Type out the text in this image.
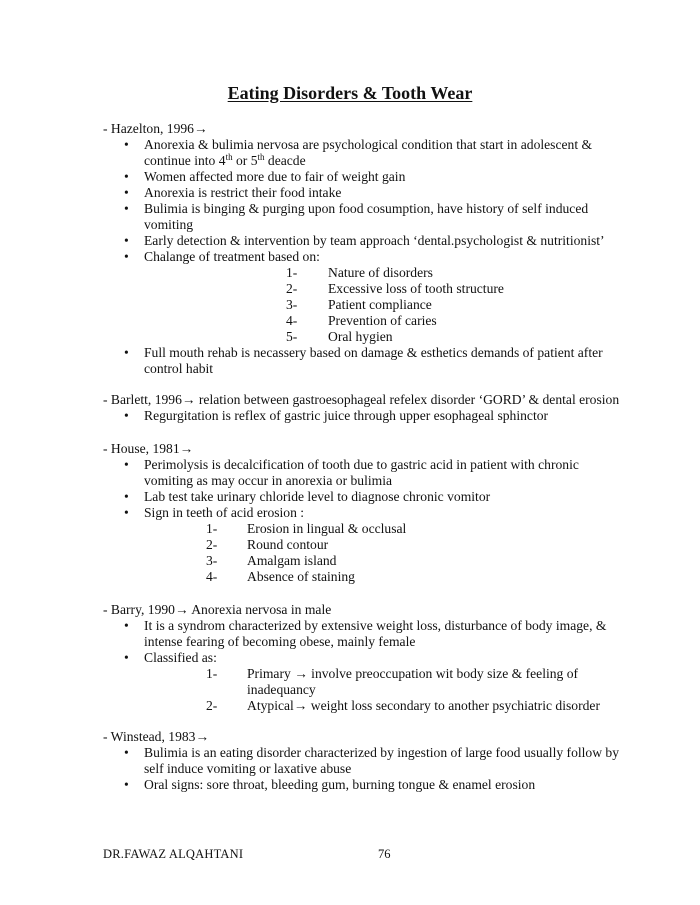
Eating Disorders & Tooth Wear

- Hazelton, 1996→

• Anorexia & bulimia nervosa are psychological condition that start in adolescent & continue into 4th or 5th deacde
• Women affected more due to fair of weight gain
• Anorexia is restrict their food intake
• Bulimia is binging & purging upon food cosumption, have history of self induced vomiting
• Early detection & intervention by team approach ‘dental.psychologist & nutritionist’
• Chalange of treatment based on:
1- Nature of disorders
2- Excessive loss of tooth structure
3- Patient compliance
4- Prevention of caries
5- Oral hygien
• Full mouth rehab is necassery based on damage & esthetics demands of patient after control habit

- Barlett, 1996→ relation between gastroesophageal refelex disorder ‘GORD’ & dental erosion

• Regurgitation is reflex of gastric juice through upper esophageal sphinctor

- House, 1981→

• Perimolysis is decalcification of tooth due to gastric acid in patient with chronic vomiting as may occur in anorexia or bulimia
• Lab test take urinary chloride level to diagnose chronic vomitor
• Sign in teeth of acid erosion :
1- Erosion in lingual & occlusal
2- Round contour
3- Amalgam island
4- Absence of staining

- Barry, 1990→ Anorexia nervosa in male

• It is a syndrom characterized by extensive weight loss, disturbance of body image, & intense fearing of becoming obese, mainly female
• Classified as:
1- Primary → involve preoccupation wit body size & feeling of inadequancy
2- Atypical→ weight loss secondary to another psychiatric disorder

- Winstead, 1983→

• Bulimia is an eating disorder characterized by ingestion of large food usually follow by self induce vomiting or laxative abuse
• Oral signs: sore throat, bleeding gum, burning tongue & enamel erosion
DR.FAWAZ ALQAHTANI	76
